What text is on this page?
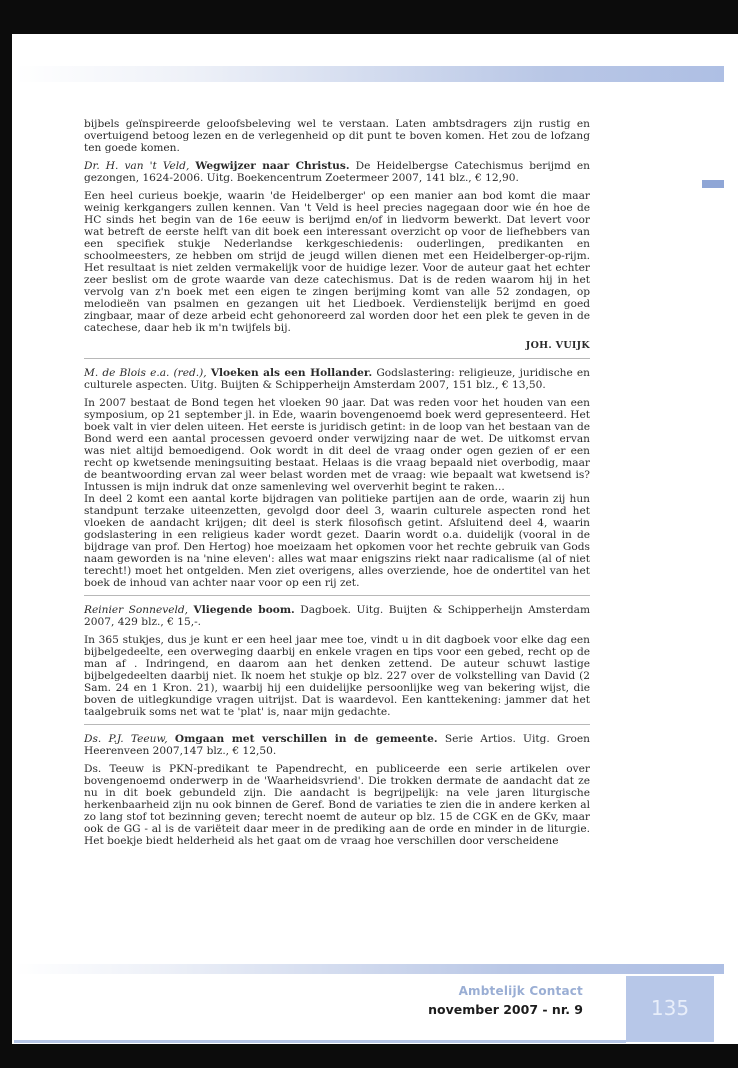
bijbels geïnspireerde geloofsbeleving wel te verstaan. Laten ambtsdragers zijn rustig en overtuigend betoog lezen en de verlegenheid op dit punt te boven komen. Het zou de lofzang ten goede komen.

Dr. H. van 't Veld, Wegwijzer naar Christus. De Heidelbergse Catechismus berijmd en gezongen, 1624-2006. Uitg. Boekencentrum Zoetermeer 2007, 141 blz., € 12,90.

Een heel curieus boekje, waarin 'de Heidelberger' op een manier aan bod komt die maar weinig kerkgangers zullen kennen. Van 't Veld is heel precies nagegaan door wie én hoe de HC sinds het begin van de 16e eeuw is berijmd en/of in liedvorm bewerkt. Dat levert voor wat betreft de eerste helft van dit boek een interessant overzicht op voor de liefhebbers van een specifiek stukje Nederlandse kerkgeschiedenis: ouderlingen, predikanten en schoolmeesters, ze hebben om strijd de jeugd willen dienen met een Heidelberger-op-rijm. Het resultaat is niet zelden vermakelijk voor de huidige lezer. Voor de auteur gaat het echter zeer beslist om de grote waarde van deze catechismus. Dat is de reden waarom hij in het vervolg van z'n boek met een eigen te zingen berijming komt van alle 52 zondagen, op melodieën van psalmen en gezangen uit het Liedboek. Verdienstelijk berijmd en goed zingbaar, maar of deze arbeid echt gehonoreerd zal worden door het een plek te geven in de catechese, daar heb ik m'n twijfels bij.

JOH. VUIJK

M. de Blois e.a. (red.), Vloeken als een Hollander. Godslastering: religieuze, juridische en culturele aspecten. Uitg. Buijten & Schipperheijn Amsterdam 2007, 151 blz., € 13,50.

In 2007 bestaat de Bond tegen het vloeken 90 jaar. Dat was reden voor het houden van een symposium, op 21 september jl. in Ede, waarin bovengenoemd boek werd gepresenteerd. Het boek valt in vier delen uiteen. Het eerste is juridisch getint: in de loop van het bestaan van de Bond werd een aantal processen gevoerd onder verwijzing naar de wet. De uitkomst ervan was niet altijd bemoedigend. Ook wordt in dit deel de vraag onder ogen gezien of er een recht op kwetsende meningsuiting bestaat. Helaas is die vraag bepaald niet overbodig, maar de beantwoording ervan zal weer belast worden met de vraag: wie bepaalt wat kwetsend is? Intussen is mijn indruk dat onze samenleving wel oververhit begint te raken...

In deel 2 komt een aantal korte bijdragen van politieke partijen aan de orde, waarin zij hun standpunt terzake uiteenzetten, gevolgd door deel 3, waarin culturele aspecten rond het vloeken de aandacht krijgen; dit deel is sterk filosofisch getint. Afsluitend deel 4, waarin godslastering in een religieus kader wordt gezet. Daarin wordt o.a. duidelijk (vooral in de bijdrage van prof. Den Hertog) hoe moeizaam het opkomen voor het rechte gebruik van Gods naam geworden is na 'nine eleven': alles wat maar enigszins riekt naar radicalisme (al of niet terecht!) moet het ontgelden. Men ziet overigens, alles overziende, hoe de ondertitel van het boek de inhoud van achter naar voor op een rij zet.

Reinier Sonneveld, Vliegende boom. Dagboek. Uitg. Buijten & Schipperheijn Amsterdam 2007, 429 blz., € 15,-.

In 365 stukjes, dus je kunt er een heel jaar mee toe, vindt u in dit dagboek voor elke dag een bijbelgedeelte, een overweging daarbij en enkele vragen en tips voor een gebed, recht op de man af . Indringend, en daarom aan het denken zettend. De auteur schuwt lastige bijbelgedeelten daarbij niet. Ik noem het stukje op blz. 227 over de volkstelling van David (2 Sam. 24 en 1 Kron. 21), waarbij hij een duidelijke persoonlijke weg van bekering wijst, die boven de uitlegkundige vragen uitrijst. Dat is waardevol. Een kanttekening: jammer dat het taalgebruik soms net wat te 'plat' is, naar mijn gedachte.

Ds. P.J. Teeuw, Omgaan met verschillen in de gemeente. Serie Artios. Uitg. Groen Heerenveen 2007,147 blz., € 12,50.

Ds. Teeuw is PKN-predikant te Papendrecht, en publiceerde een serie artikelen over bovengenoemd onderwerp in de 'Waarheidsvriend'. Die trokken dermate de aandacht dat ze nu in dit boek gebundeld zijn. Die aandacht is begrijpelijk: na vele jaren liturgische herkenbaarheid zijn nu ook binnen de Geref. Bond de variaties te zien die in andere kerken al zo lang stof tot bezinning geven; terecht noemt de auteur op blz. 15 de CGK en de GKv, maar ook de GG - al is de variëteit daar meer in de prediking aan de orde en minder in de liturgie. Het boekje biedt helderheid als het gaat om de vraag hoe verschillen door verscheidene

Ambtelijk Contact
november 2007 - nr. 9	135
